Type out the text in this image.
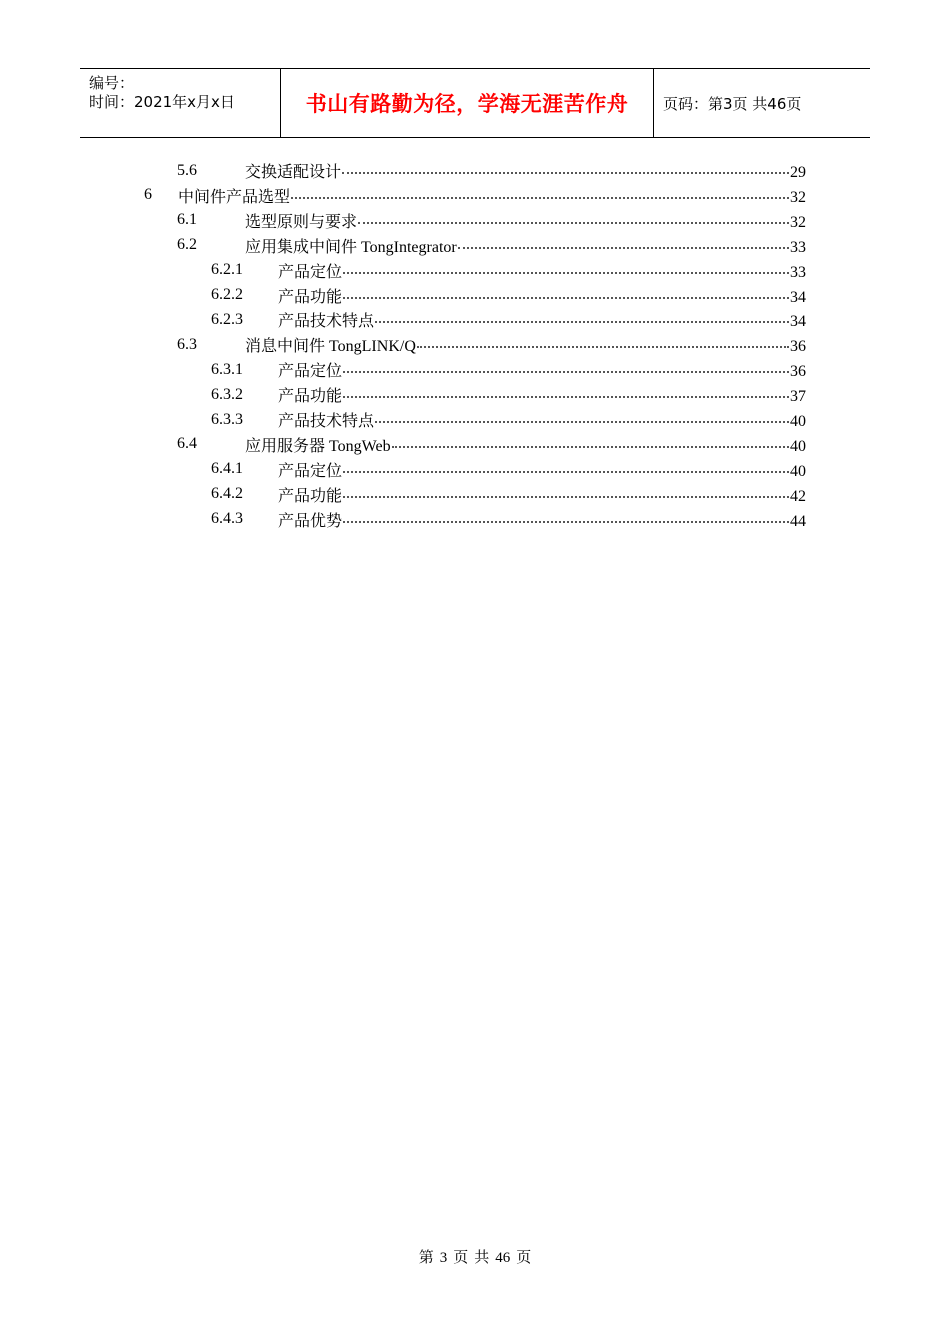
编号：
时间：2021年x月x日	书山有路勤为径，学海无涯苦作舟 页码：第3页 共46页
5.6	交换适配设计	29
6 中间件产品选型	32
6.1	选型原则与要求	32
6.2	应用集成中间件 TongIntegrator	33
6.2.1 产品定位	33
6.2.2 产品功能	34
6.2.3 产品技术特点	34
6.3	消息中间件 TongLINK/Q	36
6.3.1 产品定位	36
6.3.2 产品功能	37
6.3.3 产品技术特点	40
6.4	应用服务器 TongWeb	40
6.4.1 产品定位	40
6.4.2 产品功能	42
6.4.3 产品优势	44
第 3 页 共 46 页
